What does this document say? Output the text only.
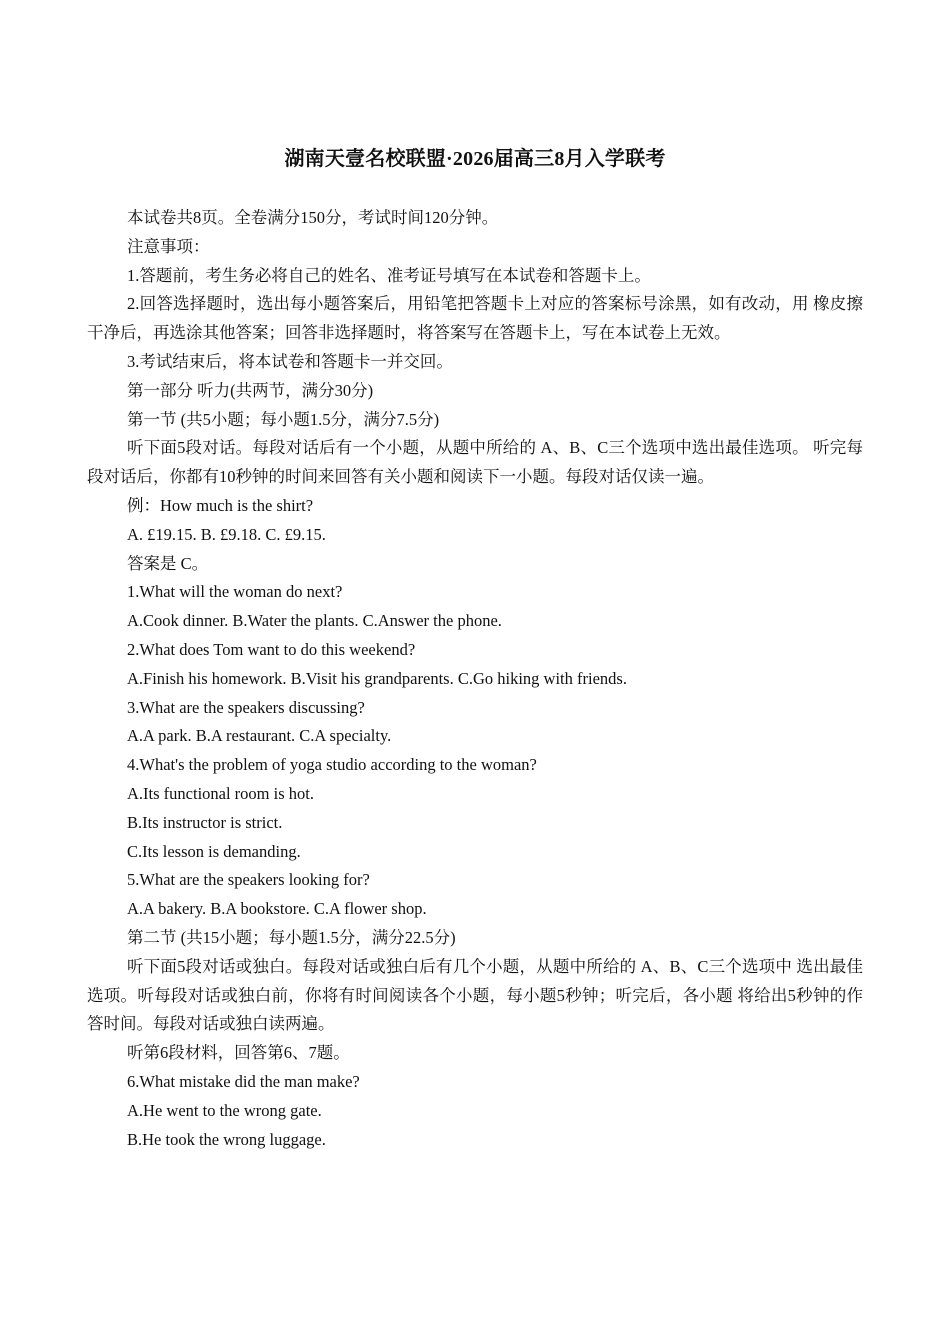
湖南天壹名校联盟·2026届高三8月入学联考

本试卷共8页。全卷满分150分，考试时间120分钟。

注意事项：

1.答题前，考生务必将自己的姓名、准考证号填写在本试卷和答题卡上。

2.回答选择题时，选出每小题答案后，用铅笔把答题卡上对应的答案标号涂黑，如有改动，用 橡皮擦干净后，再选涂其他答案；回答非选择题时，将答案写在答题卡上，写在本试卷上无效。

3.考试结束后，将本试卷和答题卡一并交回。

第一部分 听力(共两节，满分30分)

第一节 (共5小题；每小题1.5分，满分7.5分)

听下面5段对话。每段对话后有一个小题，从题中所给的 A、B、C三个选项中选出最佳选项。 听完每段对话后，你都有10秒钟的时间来回答有关小题和阅读下一小题。每段对话仅读一遍。

例：How much is the shirt?

A. £19.15. B. £9.18. C. £9.15.

答案是 C。

1.What will the woman do next?

A.Cook dinner. B.Water the plants. C.Answer the phone.

2.What does Tom want to do this weekend?

A.Finish his homework. B.Visit his grandparents. C.Go hiking with friends.

3.What are the speakers discussing?

A.A park. B.A restaurant. C.A specialty.

4.What's the problem of yoga studio according to the woman?

A.Its functional room is hot.

B.Its instructor is strict.

C.Its lesson is demanding.

5.What are the speakers looking for?

A.A bakery. B.A bookstore. C.A flower shop.

第二节 (共15小题；每小题1.5分，满分22.5分)

听下面5段对话或独白。每段对话或独白后有几个小题，从题中所给的 A、B、C三个选项中 选出最佳选项。听每段对话或独白前，你将有时间阅读各个小题，每小题5秒钟；听完后，各小题 将给出5秒钟的作答时间。每段对话或独白读两遍。

听第6段材料，回答第6、7题。

6.What mistake did the man make?

A.He went to the wrong gate.

B.He took the wrong luggage.
